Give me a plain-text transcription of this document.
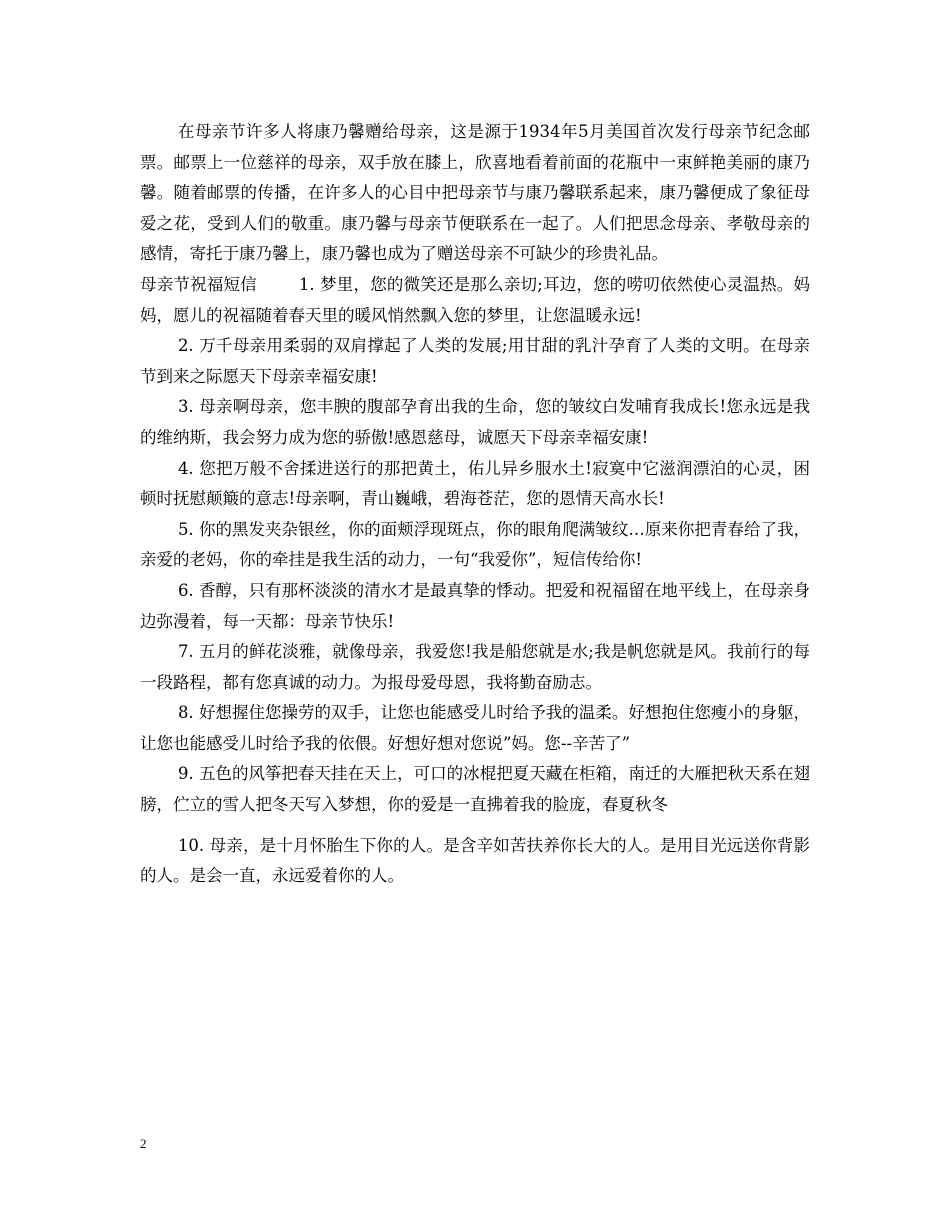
在母亲节许多人将康乃馨赠给母亲，这是源于1934年5月美国首次发行母亲节纪念邮票。邮票上一位慈祥的母亲，双手放在膝上，欣喜地看着前面的花瓶中一束鲜艳美丽的康乃馨。随着邮票的传播，在许多人的心目中把母亲节与康乃馨联系起来，康乃馨便成了象征母爱之花，受到人们的敬重。康乃馨与母亲节便联系在一起了。人们把思念母亲、孝敬母亲的感情，寄托于康乃馨上，康乃馨也成为了赠送母亲不可缺少的珍贵礼品。

母亲节祝福短信	1. 梦里，您的微笑还是那么亲切;耳边，您的唠叨依然使心灵温热。妈妈，愿儿的祝福随着春天里的暖风悄然飘入您的梦里，让您温暖永远!

2. 万千母亲用柔弱的双肩撑起了人类的发展;用甘甜的乳汁孕育了人类的文明。在母亲节到来之际愿天下母亲幸福安康!

3. 母亲啊母亲，您丰腴的腹部孕育出我的生命，您的皱纹白发哺育我成长!您永远是我的维纳斯，我会努力成为您的骄傲!感恩慈母，诚愿天下母亲幸福安康!

4. 您把万般不舍揉进送行的那把黄土，佑儿异乡服水土!寂寞中它滋润漂泊的心灵，困顿时抚慰颠簸的意志!母亲啊，青山巍峨，碧海苍茫，您的恩情天高水长!

5. 你的黑发夹杂银丝，你的面颊浮现斑点，你的眼角爬满皱纹…原来你把青春给了我，亲爱的老妈，你的牵挂是我生活的动力，一句“我爱你”，短信传给你!

6. 香醇，只有那杯淡淡的清水才是最真挚的悸动。把爱和祝福留在地平线上，在母亲身边弥漫着，每一天都：母亲节快乐!

7. 五月的鲜花淡雅，就像母亲，我爱您!我是船您就是水;我是帆您就是风。我前行的每一段路程，都有您真诚的动力。为报母爱母恩，我将勤奋励志。

8. 好想握住您操劳的双手，让您也能感受儿时给予我的温柔。好想抱住您瘦小的身躯，让您也能感受儿时给予我的依偎。好想好想对您说”妈。您--辛苦了”

9. 五色的风筝把春天挂在天上，可口的冰棍把夏天藏在柜箱，南迁的大雁把秋天系在翅膀，伫立的雪人把冬天写入梦想，你的爱是一直拂着我的脸庞，春夏秋冬

10. 母亲，是十月怀胎生下你的人。是含辛如苦扶养你长大的人。是用目光远送你背影的人。是会一直，永远爱着你的人。

2
